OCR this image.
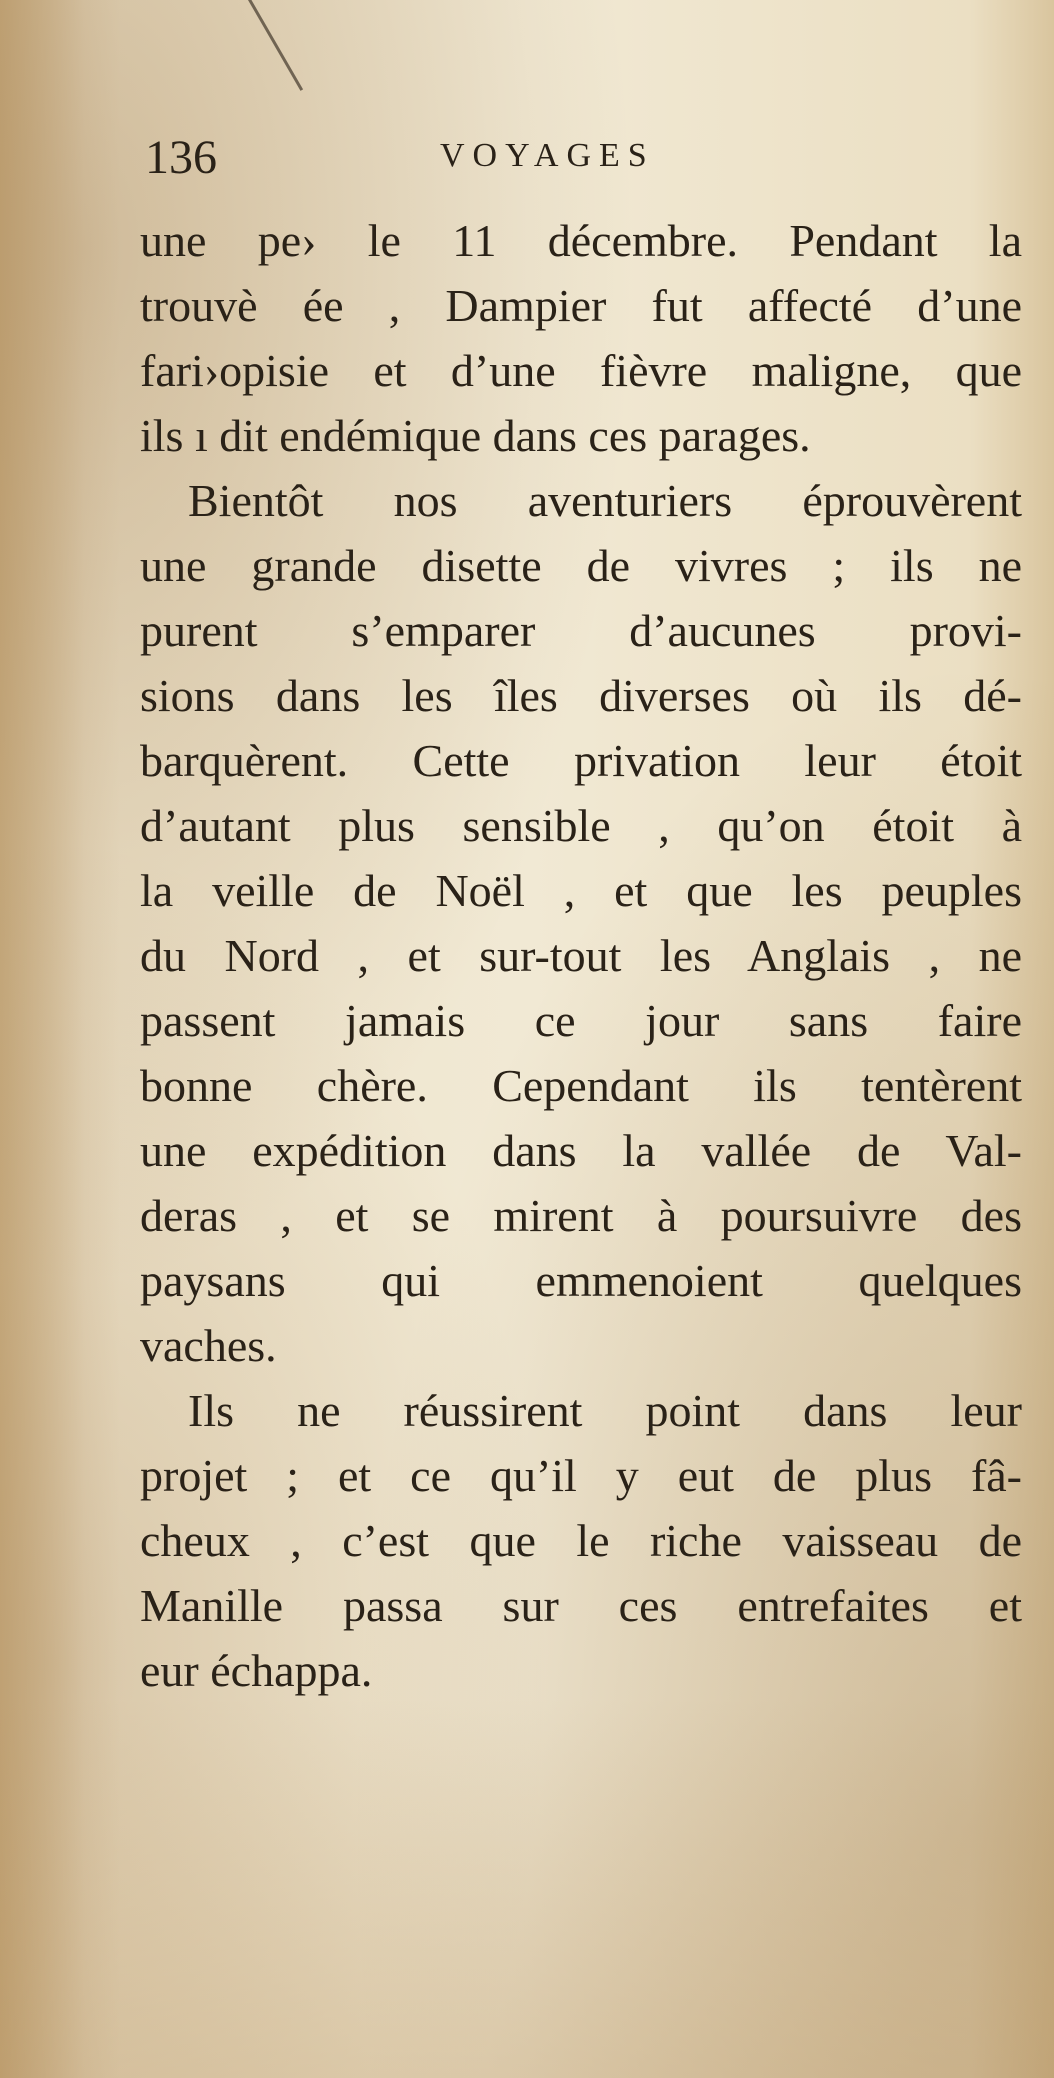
136	VOYAGES

une pe› le 11 décembre. Pendant la
trouvè ée , Dampier fut affecté d’une
fari›opisie et d’une fièvre maligne, que
ils ı dit endémique dans ces parages.

Bientôt nos aventuriers éprouvèrent
une grande disette de vivres ; ils ne
purent s’emparer d’aucunes provi-
sions dans les îles diverses où ils dé-
barquèrent. Cette privation leur étoit
d’autant plus sensible , qu’on étoit à
la veille de Noël , et que les peuples
du Nord , et sur-tout les Anglais , ne
passent jamais ce jour sans faire
bonne chère. Cependant ils tentèrent
une expédition dans la vallée de Val-
deras , et se mirent à poursuivre des
paysans qui emmenoient quelques
vaches.

Ils ne réussirent point dans leur
projet ; et ce qu’il y eut de plus fâ-
cheux , c’est que le riche vaisseau de
Manille passa sur ces entrefaites et
eur échappa.
